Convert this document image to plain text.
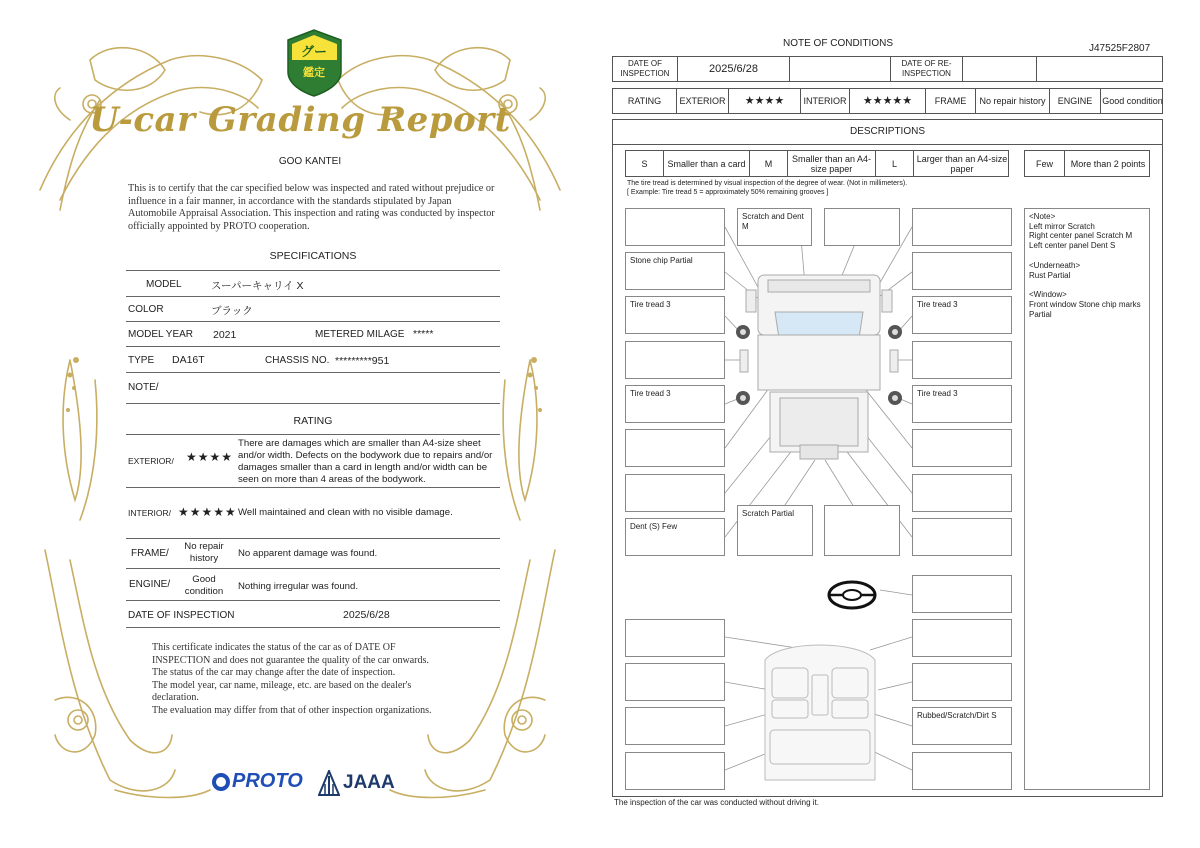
グー
鑑定
U-car Grading Report
GOO KANTEI
This is to certify that the car specified below was inspected and rated without prejudice or influence in a fair manner, in accordance with the standards stipulated by Japan Automobile Appraisal Association. This inspection and rating was conducted by inspector officially appointed by PROTO cooperation.
SPECIFICATIONS
MODEL	スーパーキャリイ X
COLOR	ブラック
MODEL YEAR 2021	METERED MILAGE *****
TYPE DA16T	CHASSIS NO. *********951
NOTE/
RATING
EXTERIOR/ ★★★★
There are damages which are smaller than A4-size sheet and/or width. Defects on the bodywork due to repairs and/or damages smaller than a card in length and/or width can be seen on more than 4 areas of the bodywork.
INTERIOR/ ★★★★★ Well maintained and clean with no visible damage.
FRAME/
No repair history	No apparent damage was found.
ENGINE/	Good condition	Nothing irregular was found.
DATE OF INSPECTION	2025/6/28
This certificate indicates the status of the car as of DATE OF
INSPECTION and does not guarantee the quality of the car onwards.
The status of the car may change after the date of inspection.
The model year, car name, mileage, etc. are based on the dealer's
declaration.
The evaluation may differ from that of other inspection organizations.
PROTO JAAA
NOTE OF CONDITIONS	J47525F2807
DATE OF INSPECTION	2025/6/28	DATE OF RE-INSPECTION
RATING	EXTERIOR	★★★★	INTERIOR	★★★★★	FRAME	No repair history	ENGINE	Good condition
DESCRIPTIONS
S	Smaller than a card	M	Smaller than an A4-size paper	L	Larger than an A4-size paper	Few	More than 2 points
The tire tread is determined by visual inspection of the degree of wear. (Not in millimeters).
[ Example: Tire tread 5 = approximately 50% remaining grooves ]
Stone chip Partial
Tire tread 3
Tire tread 3
Dent (S) Few
Scratch and Dent M
Scratch Partial
Tire tread 3
Tire tread 3
Rubbed/Scratch/Dirt S
<Note>
Left mirror Scratch
Right center panel Scratch M
Left center panel Dent S
<Underneath>
Rust Partial
<Window>
Front window Stone chip marks
Partial
The inspection of the car was conducted without driving it.
